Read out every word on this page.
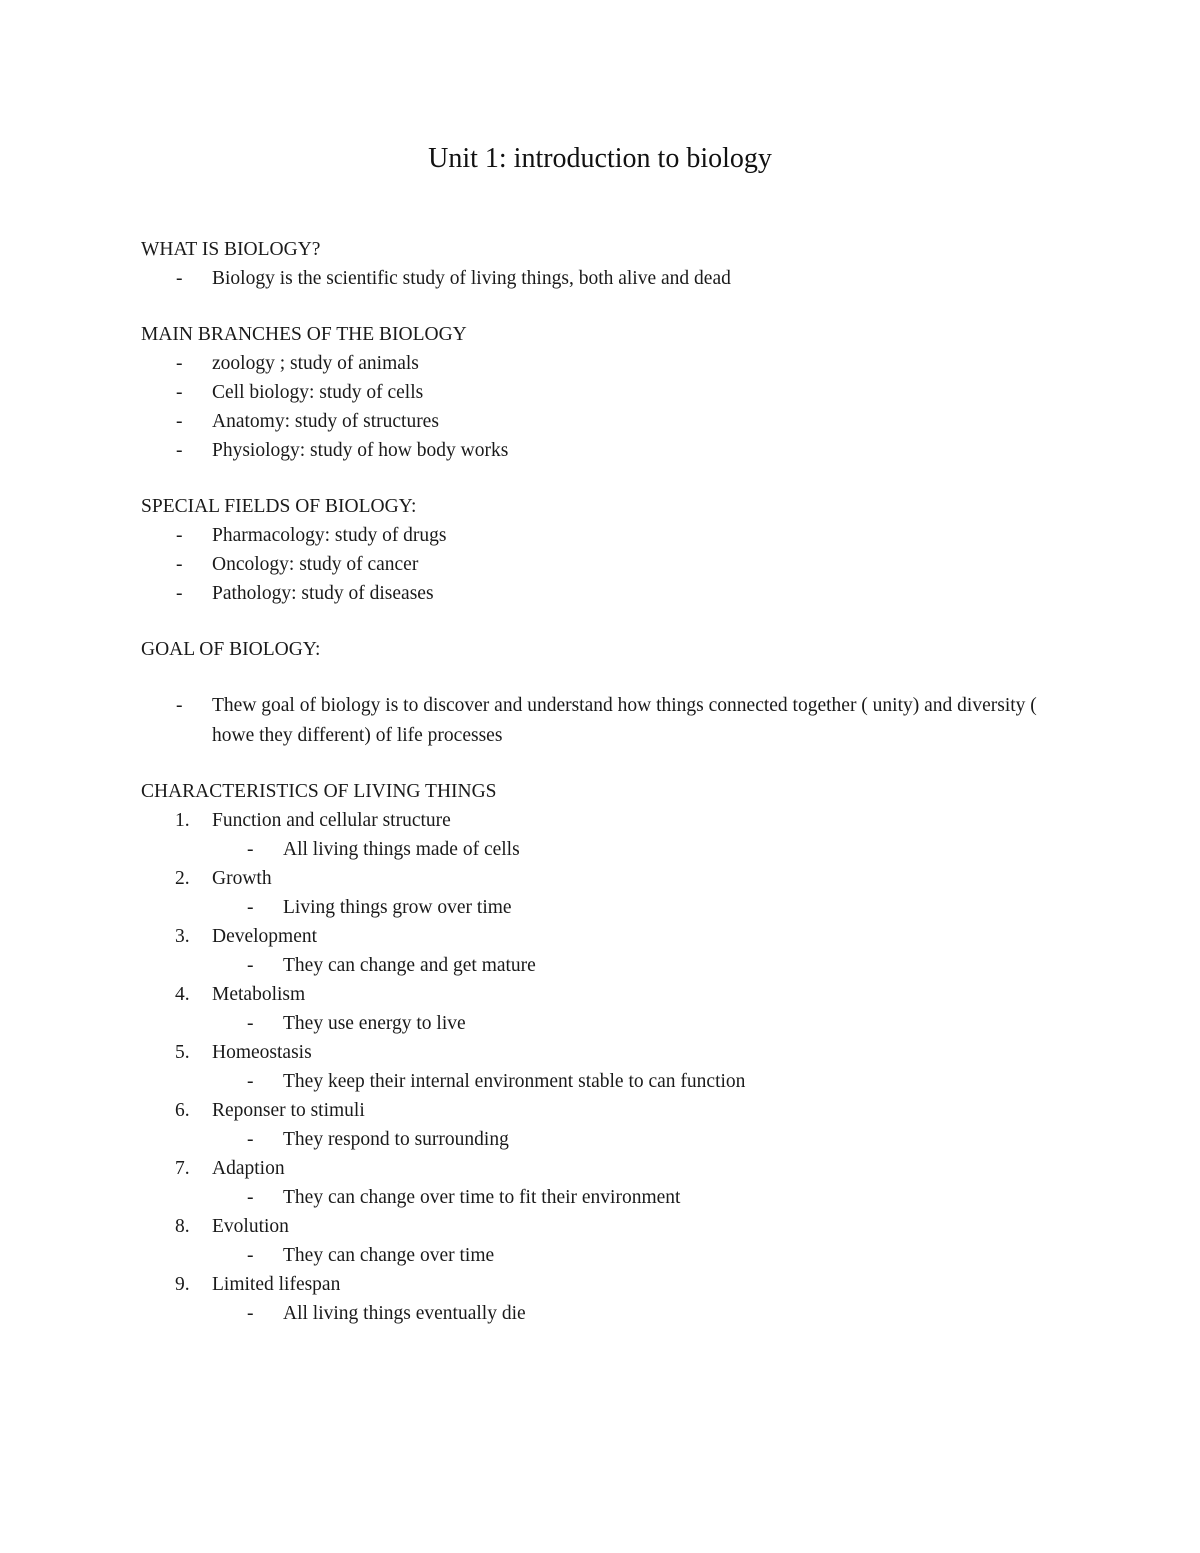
Unit 1: introduction to biology
WHAT IS BIOLOGY?
-	Biology is the scientific study of living things, both alive and dead
MAIN BRANCHES OF THE BIOLOGY
-	zoology ; study of animals
-	Cell biology: study of cells
-	Anatomy: study of structures
-	Physiology: study of how body works
SPECIAL FIELDS OF BIOLOGY:
-	Pharmacology: study of drugs
-	Oncology: study of cancer
-	Pathology: study of diseases
GOAL OF BIOLOGY:
-	Thew goal of biology is to discover and understand how things connected together ( unity) and diversity ( howe they different) of life processes
CHARACTERISTICS OF LIVING THINGS
1.	Function and cellular structure
-	All living things made of cells
2.	Growth
-	Living things grow over time
3.	Development
-	They can change and get mature
4.	Metabolism
-	They use energy to live
5.	Homeostasis
-	They keep their internal environment stable to can function
6.	Reponser to stimuli
-	They respond to surrounding
7.	Adaption
-	They can change over time to fit their environment
8.	Evolution
-	They can change over time
9.	Limited lifespan
-	All living things eventually die
